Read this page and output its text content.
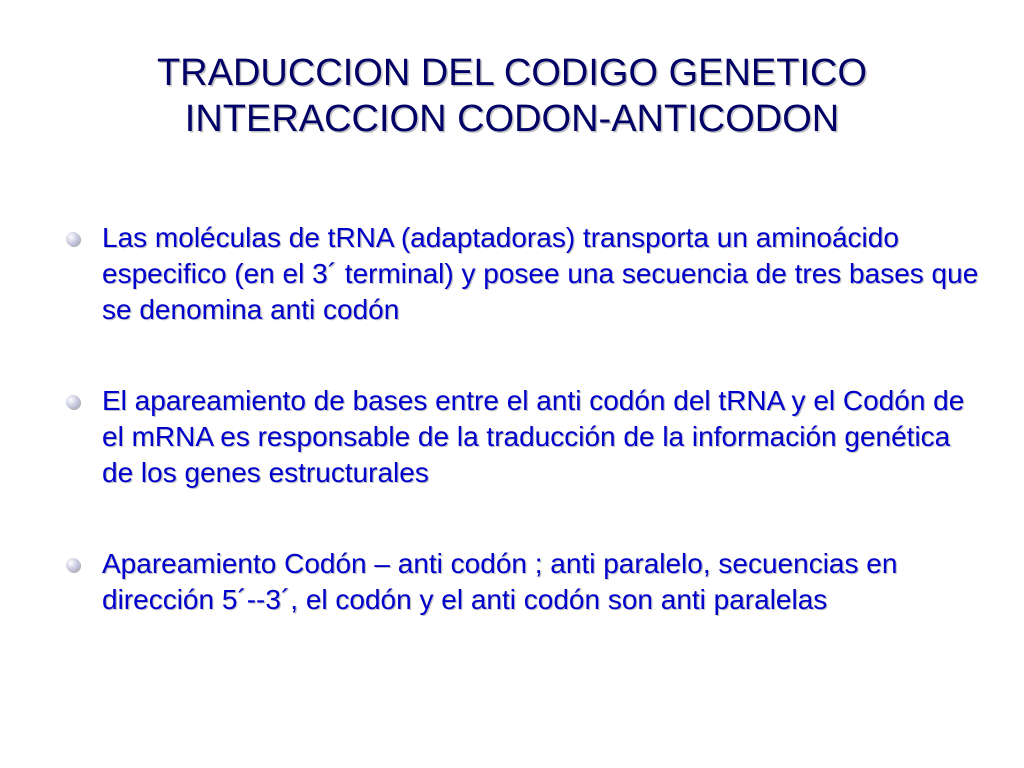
TRADUCCION DEL CODIGO GENETICO
INTERACCION CODON-ANTICODON
Las moléculas de tRNA (adaptadoras) transporta un aminoácido especifico (en el 3´ terminal) y posee una secuencia de tres bases que se denomina anti codón
El apareamiento de bases entre el anti codón del tRNA y el Codón de el mRNA es responsable de la traducción de la información genética de los genes estructurales
Apareamiento Codón – anti codón ; anti paralelo, secuencias en dirección 5´--3´, el codón y el anti codón son anti paralelas
